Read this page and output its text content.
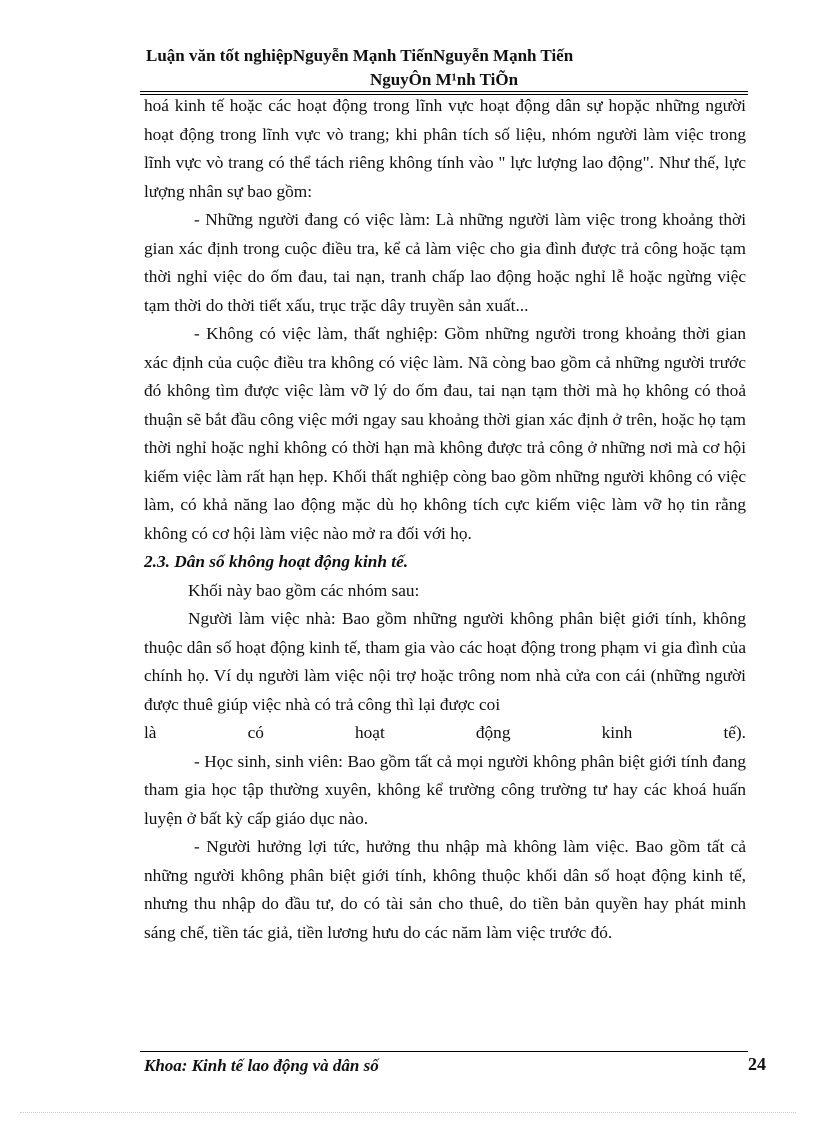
Luận văn tốt nghiệpNguyễn Mạnh TiếnNguyễn Mạnh Tiến
NguyÔn M¹nh TiÕn

hoá kinh tế hoặc các hoạt động trong lĩnh vực hoạt động dân sự hopặc những người hoạt động trong lĩnh vực vò trang; khi phân tích số liệu, nhóm người làm việc trong lĩnh vực vò trang có thể tách riêng không tính vào " lực lượng lao động". Như thế, lực lượng nhân sự bao gồm:

- Những người đang có việc làm: Là những người làm việc trong khoảng thời gian xác định trong cuộc điều tra, kể cả làm việc cho gia đình được trả công hoặc tạm thời nghỉ việc do ốm đau, tai nạn, tranh chấp lao động hoặc nghỉ lễ hoặc ngừng việc tạm thời do thời tiết xấu, trục trặc dây truyền sản xuất...

- Không có việc làm, thất nghiệp: Gồm những người trong khoảng thời gian xác định của cuộc điều tra không có việc làm. Nã còng bao gồm cả những người trước đó không tìm được việc làm vỡ lý do ốm đau, tai nạn tạm thời mà họ không có thoả thuận sẽ bắt đầu công việc mới ngay sau khoảng thời gian xác định ở trên, hoặc họ tạm thời nghỉ hoặc nghỉ không có thời hạn mà không được trả công ở những nơi mà cơ hội kiếm việc làm rất hạn hẹp. Khối thất nghiệp còng bao gồm những người không có việc làm, có khả năng lao động mặc dù họ không tích cực kiếm việc làm vỡ họ tin rằng không có cơ hội làm việc nào mở ra đối với họ.

2.3. Dân số không hoạt động kinh tế.

Khối này bao gồm các nhóm sau:

Người làm việc nhà: Bao gồm những người không phân biệt giới tính, không thuộc dân số hoạt động kinh tế, tham gia vào các hoạt động trong phạm vi gia đình của chính họ. Ví dụ người làm việc nội trợ hoặc trông nom nhà cửa con cái (những người được thuê giúp việc nhà có trả công thì lại được coi

là có hoạt động kinh tế).

- Học sinh, sinh viên: Bao gồm tất cả mọi người không phân biệt giới tính đang tham gia học tập thường xuyên, không kể trường công trường tư hay các khoá huấn luyện ở bất kỳ cấp giáo dục nào.

- Người hưởng lợi tức, hưởng thu nhập mà không làm việc. Bao gồm tất cả những người không phân biệt giới tính, không thuộc khối dân số hoạt động kinh tế, nhưng thu nhập do đầu tư, do có tài sản cho thuê, do tiền bản quyền hay phát minh sáng chế, tiền tác giả, tiền lương hưu do các năm làm việc trước đó.

Khoa: Kinh tế lao động và dân số	24
